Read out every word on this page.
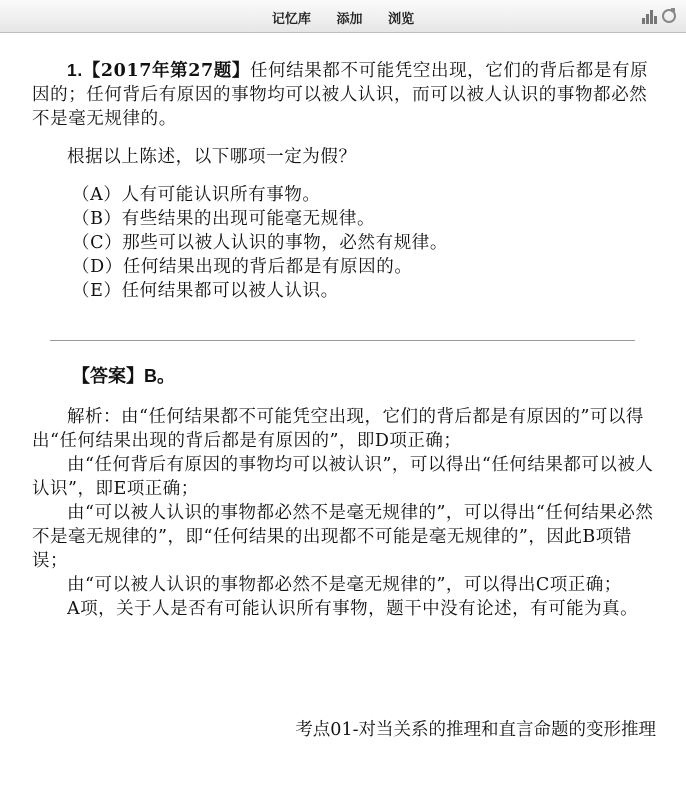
记忆库 添加 浏览

1.【2017年第27题】任何结果都不可能凭空出现，它们的背后都是有原因的；任何背后有原因的事物均可以被人认识，而可以被人认识的事物都必然不是毫无规律的。

根据以上陈述，以下哪项一定为假？

（A）人有可能认识所有事物。

（B）有些结果的出现可能毫无规律。

（C）那些可以被人认识的事物，必然有规律。

（D）任何结果出现的背后都是有原因的。

（E）任何结果都可以被人认识。

【答案】B。

解析：由“任何结果都不可能凭空出现，它们的背后都是有原因的”可以得出“任何结果出现的背后都是有原因的”，即D项正确；

由“任何背后有原因的事物均可以被认识”，可以得出“任何结果都可以被人认识”，即E项正确；

由“可以被人认识的事物都必然不是毫无规律的”，可以得出“任何结果必然不是毫无规律的”，即“任何结果的出现都不可能是毫无规律的”，因此B项错误；

由“可以被人认识的事物都必然不是毫无规律的”，可以得出C项正确；

A项，关于人是否有可能认识所有事物，题干中没有论述，有可能为真。

考点01-对当关系的推理和直言命题的变形推理
